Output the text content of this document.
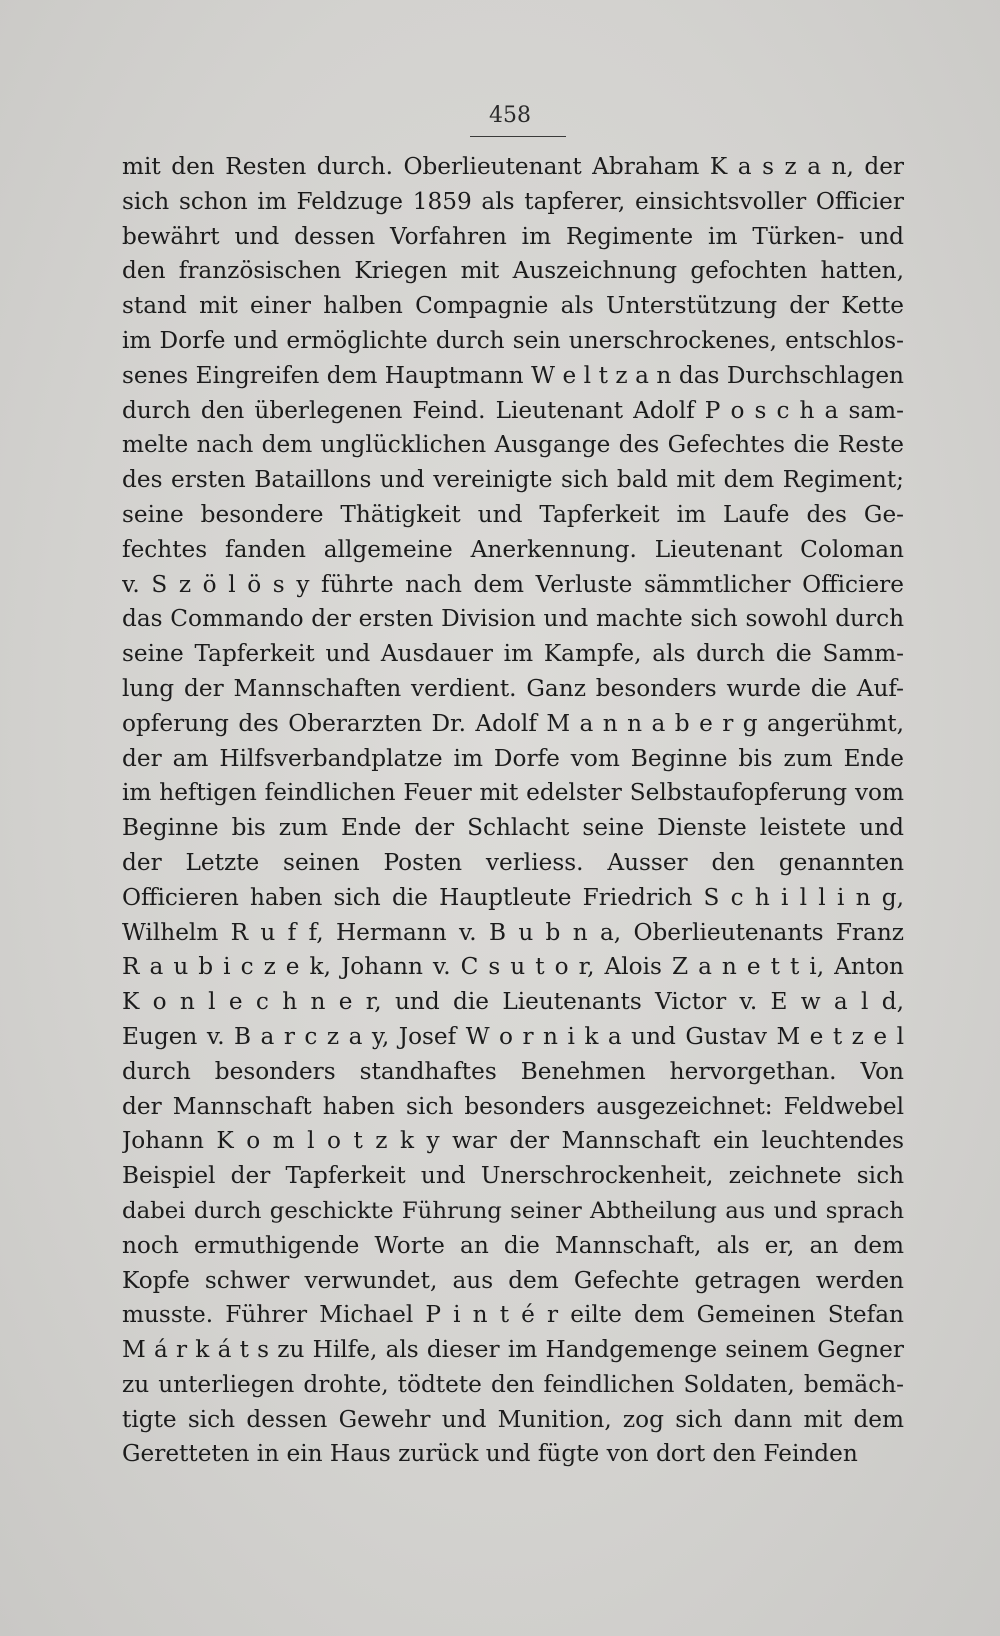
458
mit den Resten durch. Oberlieutenant Abraham K a s z a n, der
sich schon im Feldzuge 1859 als tapferer, einsichtsvoller Officier
bewährt und dessen Vorfahren im Regimente im Türken- und
den französischen Kriegen mit Auszeichnung gefochten hatten,
stand mit einer halben Compagnie als Unterstützung der Kette
im Dorfe und ermöglichte durch sein unerschrockenes, entschlos-
senes Eingreifen dem Hauptmann W e l t z a n das Durchschlagen
durch den überlegenen Feind. Lieutenant Adolf P o s c h a sam-
melte nach dem unglücklichen Ausgange des Gefechtes die Reste
des ersten Bataillons und vereinigte sich bald mit dem Regiment;
seine besondere Thätigkeit und Tapferkeit im Laufe des Ge-
fechtes fanden allgemeine Anerkennung. Lieutenant Coloman
v. S z ö l ö s y führte nach dem Verluste sämmtlicher Officiere
das Commando der ersten Division und machte sich sowohl durch
seine Tapferkeit und Ausdauer im Kampfe, als durch die Samm-
lung der Mannschaften verdient. Ganz besonders wurde die Auf-
opferung des Oberarzten Dr. Adolf M a n n a b e r g angerühmt,
der am Hilfsverbandplatze im Dorfe vom Beginne bis zum Ende
im heftigen feindlichen Feuer mit edelster Selbstaufopferung vom
Beginne bis zum Ende der Schlacht seine Dienste leistete und
der Letzte seinen Posten verliess. Ausser den genannten
Officieren haben sich die Hauptleute Friedrich S c h i l l i n g,
Wilhelm R u f f, Hermann v. B u b n a, Oberlieutenants Franz
R a u b i c z e k, Johann v. C s u t o r, Alois Z a n e t t i, Anton
K o n l e c h n e r, und die Lieutenants Victor v. E w a l d,
Eugen v. B a r c z a y, Josef W o r n i k a und Gustav M e t z e l
durch besonders standhaftes Benehmen hervorgethan. Von
der Mannschaft haben sich besonders ausgezeichnet: Feldwebel
Johann K o m l o t z k y war der Mannschaft ein leuchtendes
Beispiel der Tapferkeit und Unerschrockenheit, zeichnete sich
dabei durch geschickte Führung seiner Abtheilung aus und sprach
noch ermuthigende Worte an die Mannschaft, als er, an dem
Kopfe schwer verwundet, aus dem Gefechte getragen werden
musste. Führer Michael P i n t é r eilte dem Gemeinen Stefan
M á r k á t s zu Hilfe, als dieser im Handgemenge seinem Gegner
zu unterliegen drohte, tödtete den feindlichen Soldaten, bemäch-
tigte sich dessen Gewehr und Munition, zog sich dann mit dem
Geretteten in ein Haus zurück und fügte von dort den Feinden
